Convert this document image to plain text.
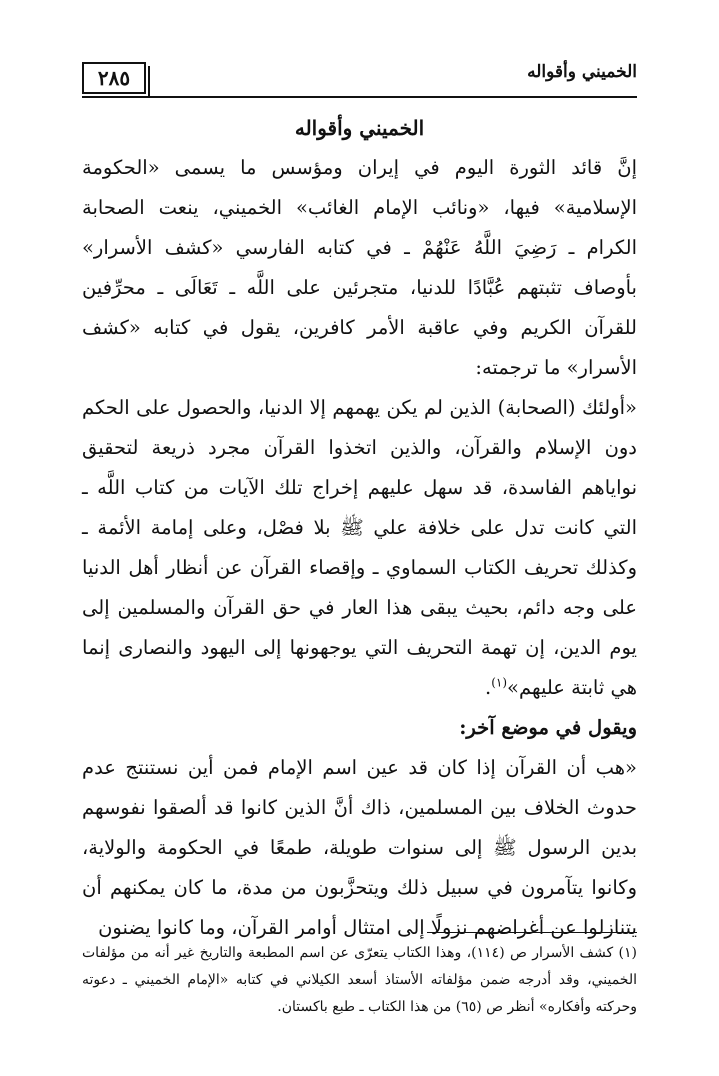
الخميني وأقواله
٢٨٥
الخميني وأقواله

إنَّ قائد الثورة اليوم في إيران ومؤسس ما يسمى «الحكومة الإسلامية» فيها، «ونائب الإمام الغائب» الخميني، ينعت الصحابة الكرام ـ رَضِيَ اللَّهُ عَنْهُمْ ـ في كتابه الفارسي «كشف الأسرار» بأوصاف تثبتهم عُبَّادًا للدنيا، متجرئين على اللَّه ـ تَعَالَى ـ محرِّفين للقرآن الكريم وفي عاقبة الأمر كافرين، يقول في كتابه «كشف الأسرار» ما ترجمته:

«أولئك (الصحابة) الذين لم يكن يهمهم إلا الدنيا، والحصول على الحكم دون الإسلام والقرآن، والذين اتخذوا القرآن مجرد ذريعة لتحقيق نواياهم الفاسدة، قد سهل عليهم إخراج تلك الآيات من كتاب اللَّه ـ التي كانت تدل على خلافة علي ﷺ بلا فصْل، وعلى إمامة الأئمة ـ وكذلك تحريف الكتاب السماوي ـ وإقصاء القرآن عن أنظار أهل الدنيا على وجه دائم، بحيث يبقى هذا العار في حق القرآن والمسلمين إلى يوم الدين، إن تهمة التحريف التي يوجهونها إلى اليهود والنصارى إنما هي ثابتة عليهم»$^{(١)}$.

ويقول في موضع آخر:

«هب أن القرآن إذا كان قد عين اسم الإمام فمن أين نستنتج عدم حدوث الخلاف بين المسلمين، ذاك أنَّ الذين كانوا قد ألصقوا نفوسهم بدين الرسول ﷺ إلى سنوات طويلة، طمعًا في الحكومة والولاية، وكانوا يتآمرون في سبيل ذلك ويتحزَّبون من مدة، ما كان يمكنهم أن يتنازلوا عن أغراضهم نزولًا إلى امتثال أوامر القرآن، وما كانوا يضنون

(١) كشف الأسرار ص (١١٤)، وهذا الكتاب يتعرّى عن اسم المطبعة والتاريخ غير أنه من مؤلفات الخميني، وقد أدرجه ضمن مؤلفاته الأستاذ أسعد الكيلاني في كتابه «الإمام الخميني ـ دعوته وحركته وأفكاره» أنظر ص (٦٥) من هذا الكتاب ـ طبع باكستان.
